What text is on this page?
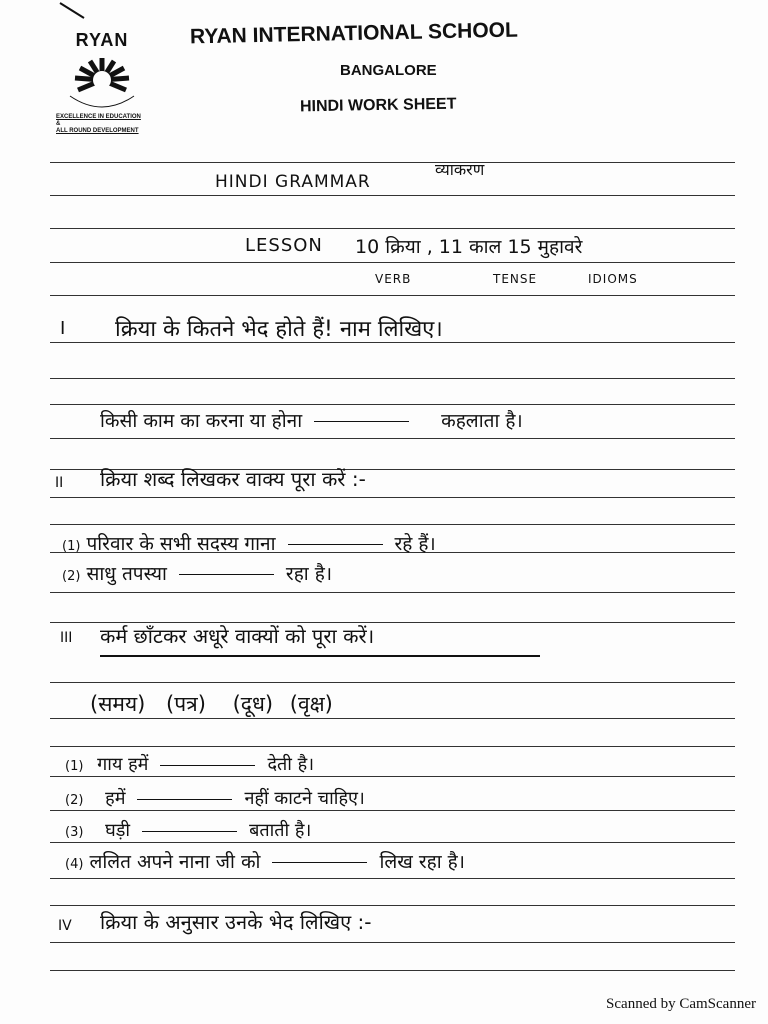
RYAN
EXCELLENCE IN EDUCATION
&
ALL ROUND DEVELOPMENT
RYAN INTERNATIONAL SCHOOL
BANGALORE
HINDI WORK SHEET
HINDI GRAMMAR
व्याकरण
LESSON 10 क्रिया , 11 काल 15 मुहावरे
VERB	TENSE	IDIOMS
I क्रिया के कितने भेद होते हैं! नाम लिखिए।
किसी काम का करना या होना	कहलाता है।
II क्रिया शब्द लिखकर वाक्य पूरा करें :-
(1) परिवार के सभी सदस्य गाना	रहे हैं।
(2) साधु तपस्या	रहा है।
III कर्म छाँटकर अधूरे वाक्यों को पूरा करें।
(समय) (पत्र) (दूध) (वृक्ष)
(1) गाय हमें	देती है।
(2) हमें	नहीं काटने चाहिए।
(3) घड़ी	बताती है।
(4) ललित अपने नाना जी को	लिख रहा है।
IV क्रिया के अनुसार उनके भेद लिखिए :-
Scanned by CamScanner
